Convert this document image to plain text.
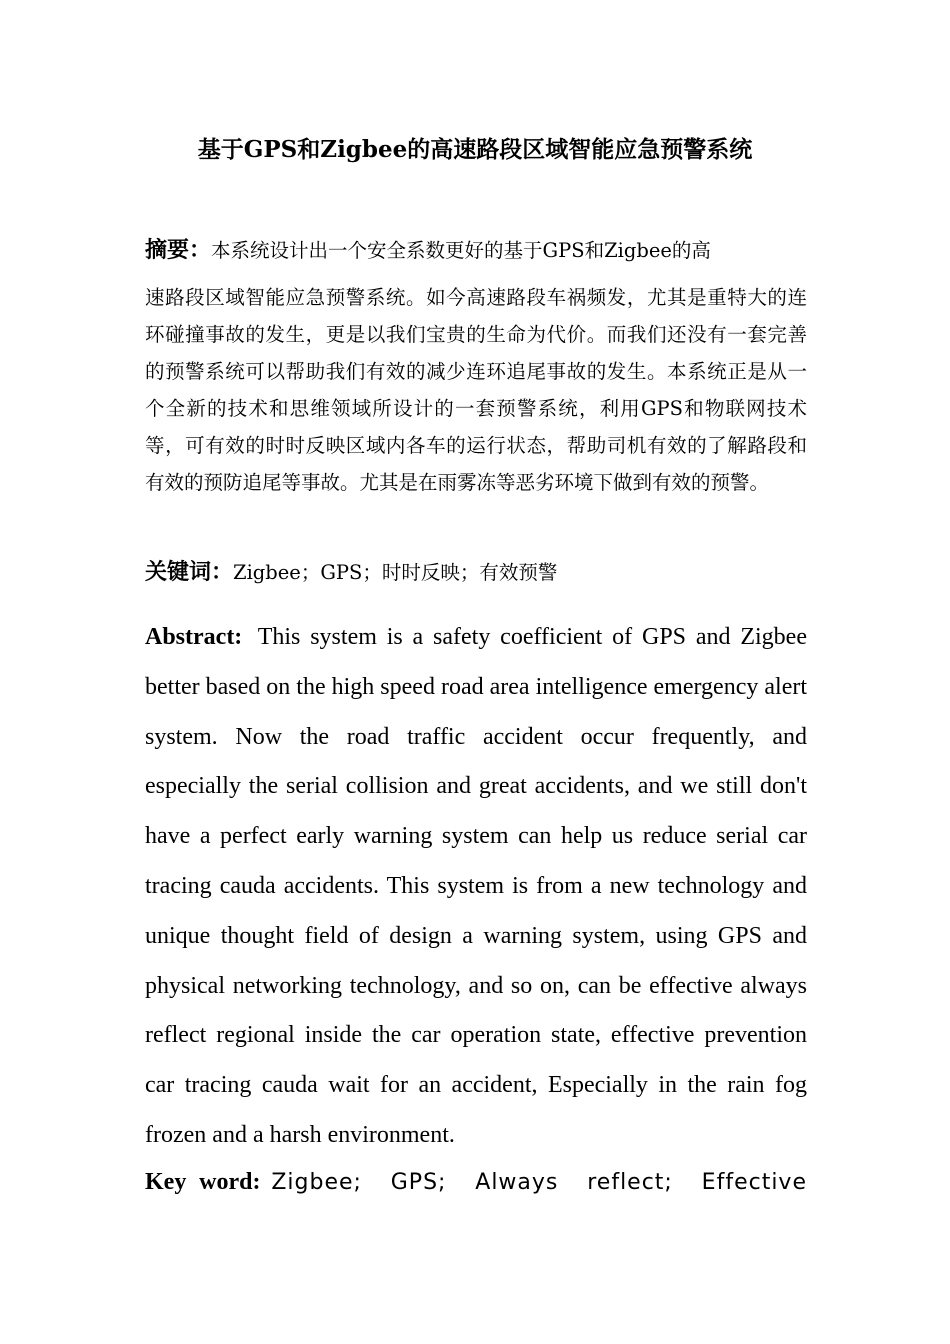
基于GPS和Zigbee的高速路段区域智能应急预警系统
摘要：本系统设计出一个安全系数更好的基于GPS和Zigbee的高
速路段区域智能应急预警系统。如今高速路段车祸频发，尤其是重特大的连环碰撞事故的发生，更是以我们宝贵的生命为代价。而我们还没有一套完善的预警系统可以帮助我们有效的减少连环追尾事故的发生。本系统正是从一个全新的技术和思维领域所设计的一套预警系统，利用GPS和物联网技术等，可有效的时时反映区域内各车的运行状态，帮助司机有效的了解路段和有效的预防追尾等事故。尤其是在雨雾冻等恶劣环境下做到有效的预警。
关键词：Zigbee；GPS；时时反映；有效预警
Abstract: This system is a safety coefficient of GPS and Zigbee better based on the high speed road area intelligence emergency alert system. Now the road traffic accident occur frequently, and especially the serial collision and great accidents, and we still don't have a perfect early warning system can help us reduce serial car tracing cauda accidents. This system is from a new technology and unique thought field of design a warning system, using GPS and physical networking technology, and so on, can be effective always reflect regional inside the car operation state, effective prevention car tracing cauda wait for an accident, Especially in the rain fog frozen and a harsh environment.
Key word: Zigbee; GPS; Always reflect; Effective
